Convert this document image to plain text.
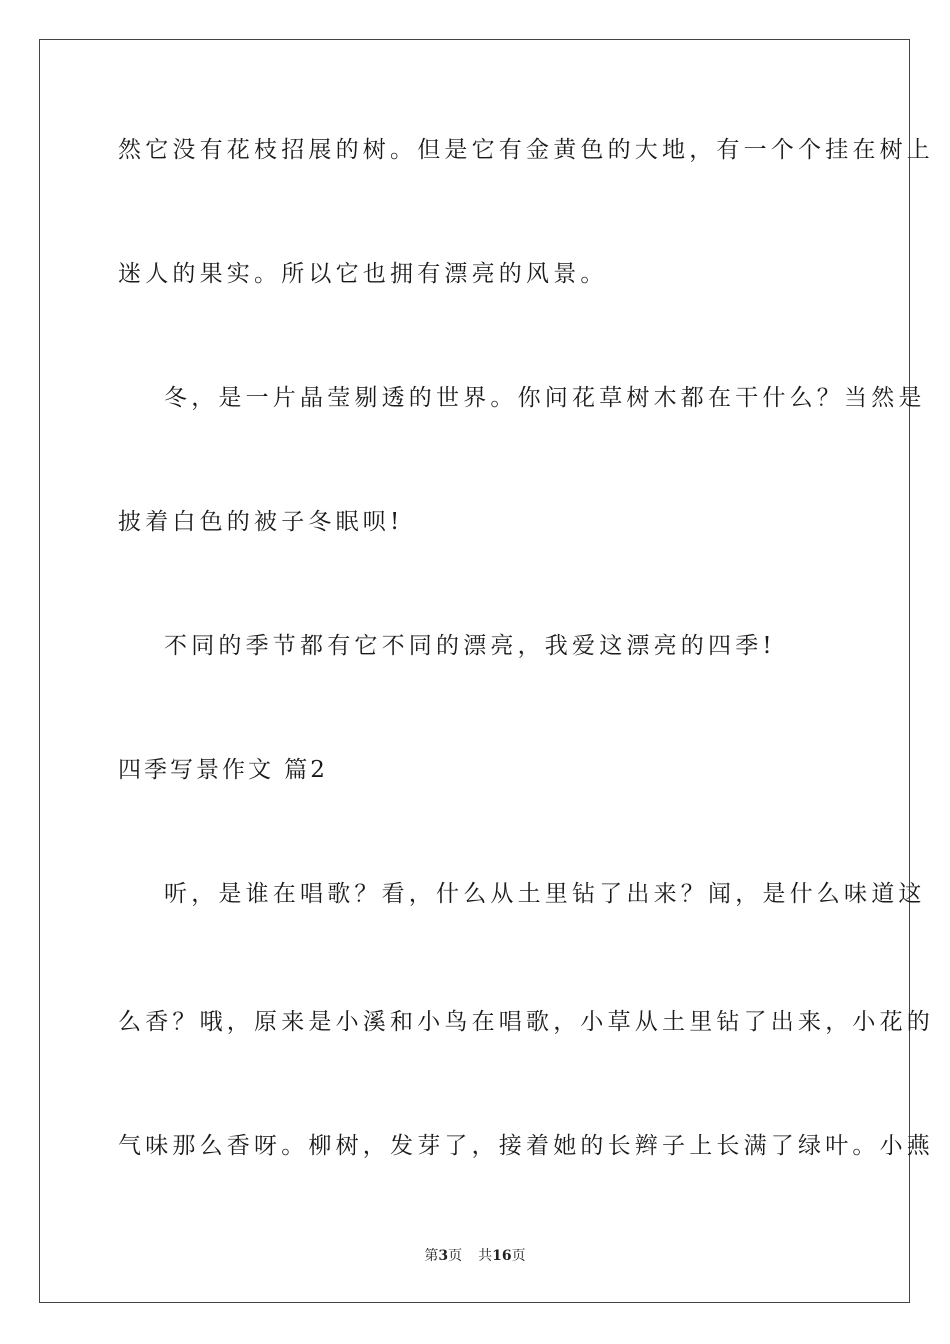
然它没有花枝招展的树。但是它有金黄色的大地，有一个个挂在树上
迷人的果实。所以它也拥有漂亮的风景。
冬，是一片晶莹剔透的世界。你问花草树木都在干什么？当然是
披着白色的被子冬眠呗!
不同的季节都有它不同的漂亮，我爱这漂亮的四季!
四季写景作文 篇2
听，是谁在唱歌？看，什么从土里钻了出来？闻，是什么味道这
么香？哦，原来是小溪和小鸟在唱歌，小草从土里钻了出来，小花的
气味那么香呀。柳树，发芽了，接着她的长辫子上长满了绿叶。小燕
第3页 共16页
